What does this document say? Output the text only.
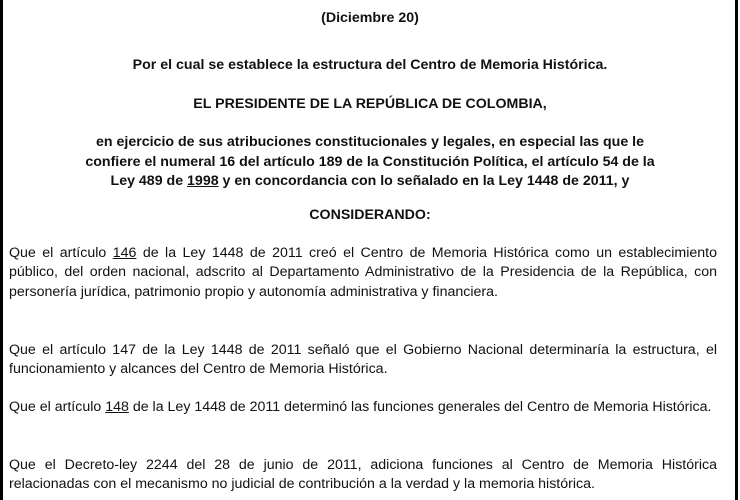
(Diciembre 20)

Por el cual se establece la estructura del Centro de Memoria Histórica.

EL PRESIDENTE DE LA REPÚBLICA DE COLOMBIA,

en ejercicio de sus atribuciones constitucionales y legales, en especial las que le
confiere el numeral 16 del artículo 189 de la Constitución Política, el artículo 54 de la
Ley 489 de 1998 y en concordancia con lo señalado en la Ley 1448 de 2011, y

CONSIDERANDO:

Que el artículo 146 de la Ley 1448 de 2011 creó el Centro de Memoria Histórica como un establecimiento público, del orden nacional, adscrito al Departamento Administrativo de la Presidencia de la República, con personería jurídica, patrimonio propio y autonomía administrativa y financiera.

Que el artículo 147 de la Ley 1448 de 2011 señaló que el Gobierno Nacional determinaría la estructura, el funcionamiento y alcances del Centro de Memoria Histórica.

Que el artículo 148 de la Ley 1448 de 2011 determinó las funciones generales del Centro de Memoria Histórica.

Que el Decreto-ley 2244 del 28 de junio de 2011, adiciona funciones al Centro de Memoria Histórica relacionadas con el mecanismo no judicial de contribución a la verdad y la memoria histórica.
